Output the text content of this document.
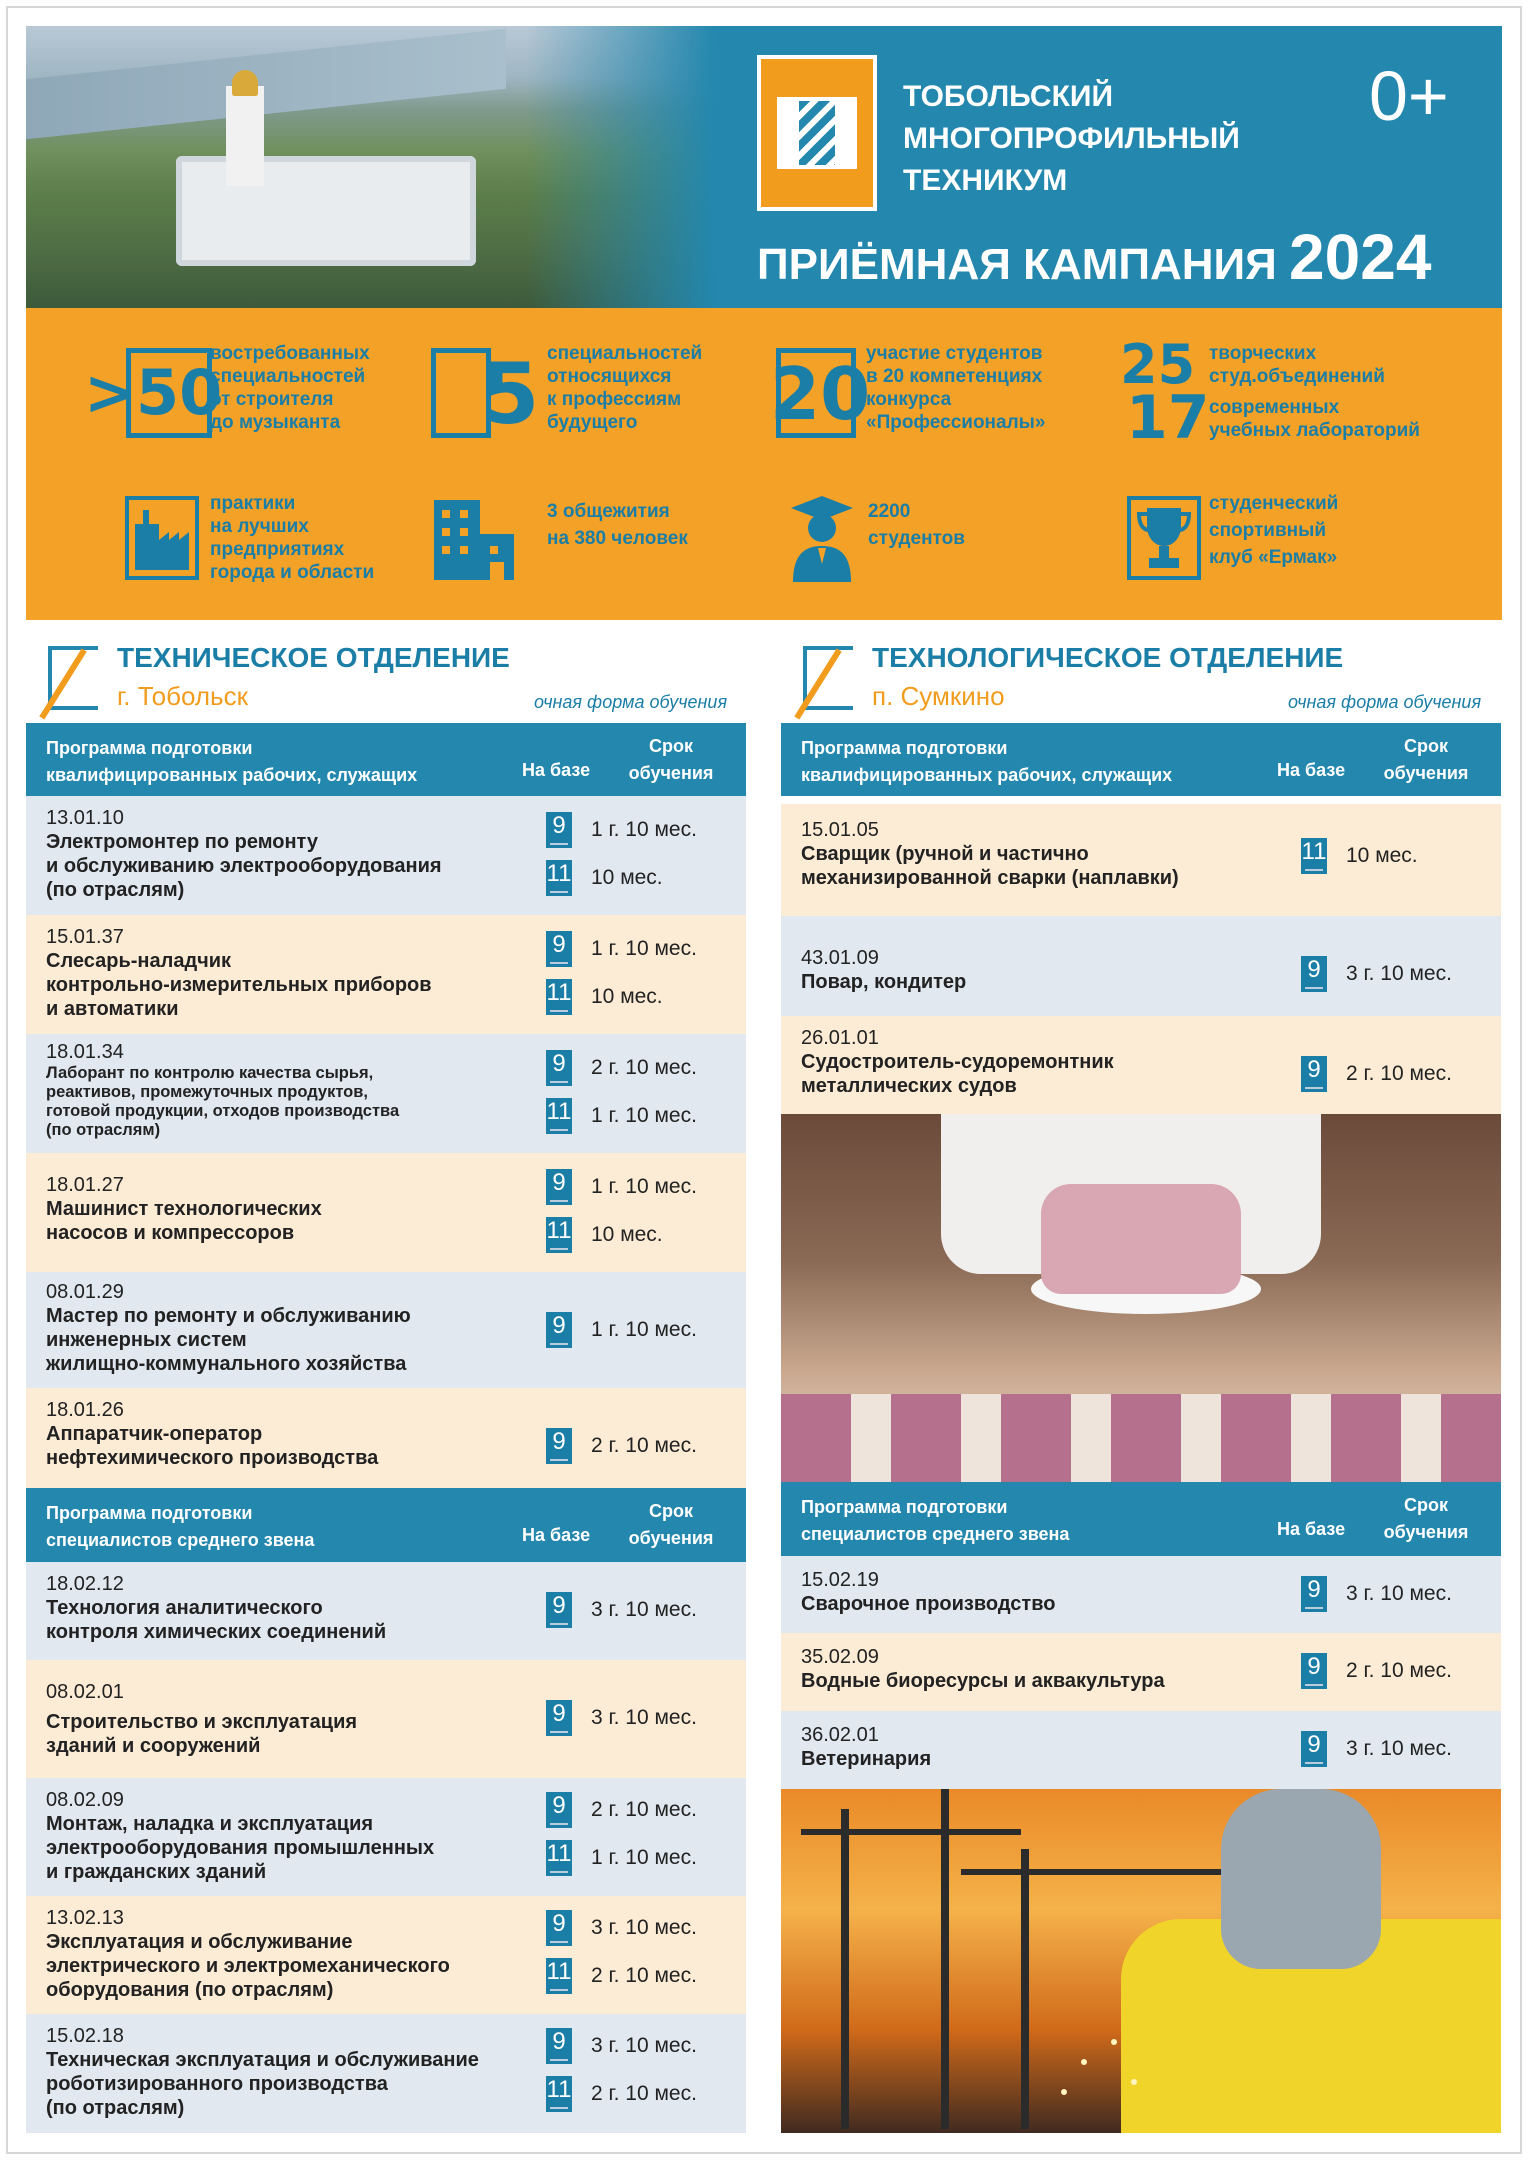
ТОБОЛЬСКИЙ
МНОГОПРОФИЛЬНЫЙ
ТЕХНИКУМ
0+
ПРИЁМНАЯ КАМПАНИЯ 2024
>50
востребованных
специальностей
от строителя
до музыканта	5 специальностей
относящихся
к профессиям
будущего	20
участие студентов
в 20 компетенциях
конкурса
«Профессионалы»
25
17
творческих
студ.объединений
современных
учебных лабораторий
практики
на лучших
предприятиях
города и области
3 общежития
на 380 человек
2200
студентов
студенческий
спортивный
клуб «Ермак»
ТЕХНИЧЕСКОЕ ОТДЕЛЕНИЕ
г. Тобольск	очная форма обучения
ТЕХНОЛОГИЧЕСКОЕ ОТДЕЛЕНИЕ
п. Сумкино	очная форма обучения
Программа подготовки
квалифицированных рабочих, служащих	На базе
Срок
обучения
13.01.10
Электромонтер по ремонту
и обслуживанию электрооборудования
(по отраслям)
9	1 г. 10 мес.
11 10 мес.
15.01.37
Слесарь-наладчик
контрольно-измерительных приборов
и автоматики
9	1 г. 10 мес.
11 10 мес.
18.01.34
Лаборант по контролю качества сырья,
реактивов, промежуточных продуктов,
готовой продукции, отходов производства
(по отраслям)
9	2 г. 10 мес.
11 1 г. 10 мес.
18.01.27
Машинист технологических
насосов и компрессоров
9	1 г. 10 мес.
11 10 мес.
08.01.29
Мастер по ремонту и обслуживанию
инженерных систем
жилищно-коммунального хозяйства
9	1 г. 10 мес.
18.01.26
Аппаратчик-оператор
нефтехимического производства
9	2 г. 10 мес.
Программа подготовки
специалистов среднего звена	На базе
Срок
обучения
18.02.12
Технология аналитического
контроля химических соединений
9	3 г. 10 мес.
08.02.01
Строительство и эксплуатация
зданий и сооружений
9	3 г. 10 мес.
08.02.09
Монтаж, наладка и эксплуатация
электрооборудования промышленных
и гражданских зданий
9	2 г. 10 мес.
11 1 г. 10 мес.
13.02.13
Эксплуатация и обслуживание
электрического и электромеханического
оборудования (по отраслям)
9	3 г. 10 мес.
11 2 г. 10 мес.
15.02.18
Техническая эксплуатация и обслуживание
роботизированного производства
(по отраслям)
9	3 г. 10 мес.
11 2 г. 10 мес.
Программа подготовки
квалифицированных рабочих, служащих	На базе
Срок
обучения
15.01.05
Сварщик (ручной и частично
механизированной сварки (наплавки)
11 10 мес.
43.01.09
Повар, кондитер	9	3 г. 10 мес.
26.01.01
Судостроитель-судоремонтник
металлических судов
9	2 г. 10 мес.
Программа подготовки
специалистов среднего звена	На базе
Срок
обучения
15.02.19
Сварочное производство
9	3 г. 10 мес.
35.02.09
Водные биоресурсы и аквакультура
9	2 г. 10 мес.
36.02.01
Ветеринария
9	3 г. 10 мес.
